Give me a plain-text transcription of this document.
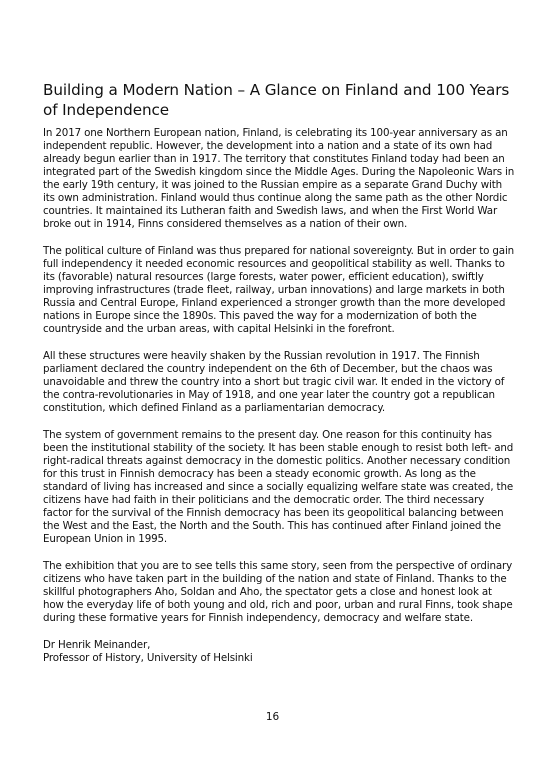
Building a Modern Nation – A Glance on Finland and 100 Years of Independence

In 2017 one Northern European nation, Finland, is celebrating its 100-year anniversary as an independent republic. However, the development into a nation and a state of its own had already begun earlier than in 1917. The territory that constitutes Finland today had been an integrated part of the Swedish kingdom since the Middle Ages. During the Napoleonic Wars in the early 19th century, it was joined to the Russian empire as a separate Grand Duchy with its own administration. Finland would thus continue along the same path as the other Nordic countries. It maintained its Lutheran faith and Swedish laws, and when the First World War broke out in 1914, Finns considered themselves as a nation of their own.

The political culture of Finland was thus prepared for national sovereignty. But in order to gain full independency it needed economic resources and geopolitical stability as well. Thanks to its (favorable) natural resources (large forests, water power, efficient education), swiftly improving infrastructures (trade fleet, railway, urban innovations) and large markets in both Russia and Central Europe, Finland experienced a stronger growth than the more developed nations in Europe since the 1890s. This paved the way for a modernization of both the countryside and the urban areas, with capital Helsinki in the forefront.

All these structures were heavily shaken by the Russian revolution in 1917. The Finnish parliament declared the country independent on the 6th of December, but the chaos was unavoidable and threw the country into a short but tragic civil war. It ended in the victory of the contra-revolutionaries in May of 1918, and one year later the country got a republican constitution, which defined Finland as a parliamentarian democracy.

The system of government remains to the present day. One reason for this continuity has been the institutional stability of the society. It has been stable enough to resist both left- and right-radical threats against democracy in the domestic politics. Another necessary condition for this trust in Finnish democracy has been a steady economic growth. As long as the standard of living has increased and since a socially equalizing welfare state was created, the citizens have had faith in their politicians and the democratic order. The third necessary factor for the survival of the Finnish democracy has been its geopolitical balancing between the West and the East, the North and the South. This has continued after Finland joined the European Union in 1995.

The exhibition that you are to see tells this same story, seen from the perspective of ordinary citizens who have taken part in the building of the nation and state of Finland. Thanks to the skillful photographers Aho, Soldan and Aho, the spectator gets a close and honest look at how the everyday life of both young and old, rich and poor, urban and rural Finns, took shape during these formative years for Finnish independency, democracy and welfare state.

Dr Henrik Meinander,
Professor of History, University of Helsinki
16
